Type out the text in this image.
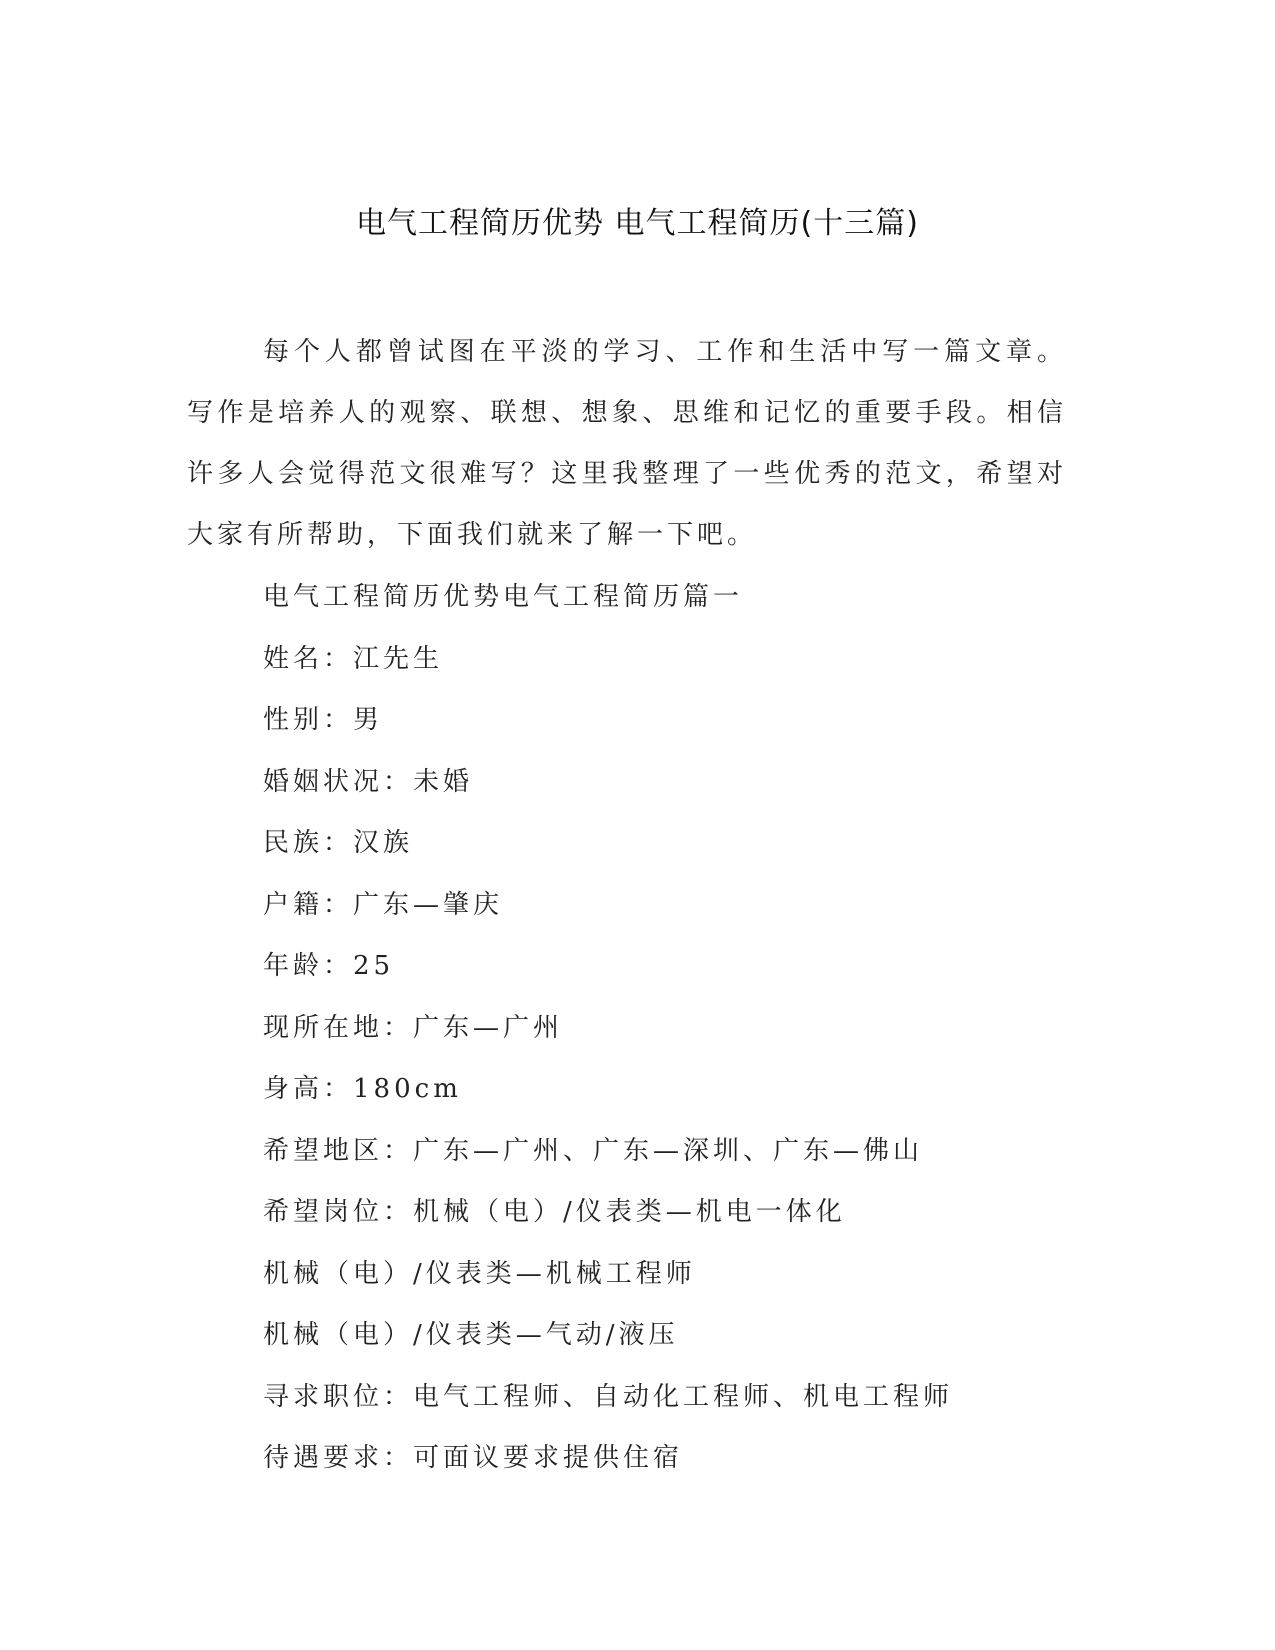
电气工程简历优势 电气工程简历(十三篇)

每个人都曾试图在平淡的学习、工作和生活中写一篇文章。写作是培养人的观察、联想、想象、思维和记忆的重要手段。相信许多人会觉得范文很难写？这里我整理了一些优秀的范文，希望对大家有所帮助，下面我们就来了解一下吧。

电气工程简历优势电气工程简历篇一
姓名：江先生
性别：男
婚姻状况：未婚
民族：汉族
户籍：广东—肇庆
年龄：25
现所在地：广东—广州
身高：180cm
希望地区：广东—广州、广东—深圳、广东—佛山
希望岗位：机械（电）/仪表类—机电一体化
机械（电）/仪表类—机械工程师
机械（电）/仪表类—气动/液压
寻求职位：电气工程师、自动化工程师、机电工程师
待遇要求：可面议要求提供住宿
